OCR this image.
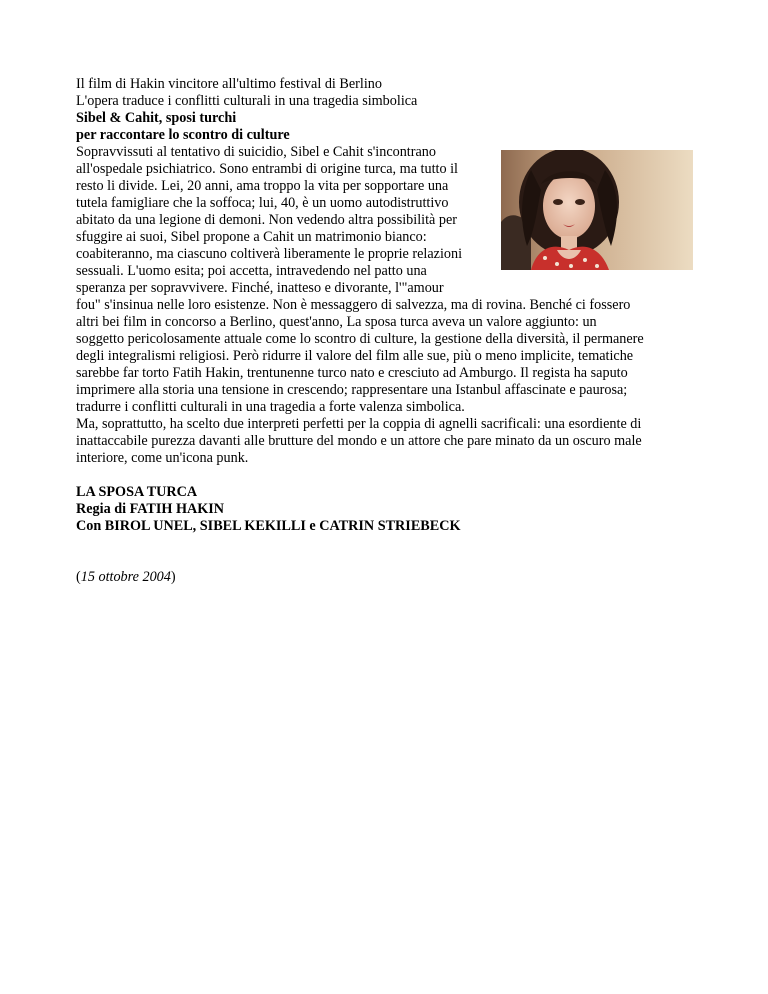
Il film di Hakin vincitore all'ultimo festival di Berlino
L'opera traduce i conflitti culturali in una tragedia simbolica
Sibel & Cahit, sposi turchi
per raccontare lo scontro di culture
Sopravvissuti al tentativo di suicidio, Sibel e Cahit s'incontrano
all'ospedale psichiatrico. Sono entrambi di origine turca, ma tutto il
resto li divide. Lei, 20 anni, ama troppo la vita per sopportare una
tutela famigliare che la soffoca; lui, 40, è un uomo autodistruttivo
abitato da una legione di demoni. Non vedendo altra possibilità per
sfuggire ai suoi, Sibel propone a Cahit un matrimonio bianco:
coabiteranno, ma ciascuno coltiverà liberamente le proprie relazioni
sessuali. L'uomo esita; poi accetta, intravedendo nel patto una
speranza per sopravvivere. Finché, inatteso e divorante, l'"amour
fou" s'insinua nelle loro esistenze. Non è messaggero di salvezza, ma di rovina. Benché ci fossero
altri bei film in concorso a Berlino, quest'anno, La sposa turca aveva un valore aggiunto: un
soggetto pericolosamente attuale come lo scontro di culture, la gestione della diversità, il permanere
degli integralismi religiosi. Però ridurre il valore del film alle sue, più o meno implicite, tematiche
sarebbe far torto Fatih Hakin, trentunenne turco nato e cresciuto ad Amburgo. Il regista ha saputo
imprimere alla storia una tensione in crescendo; rappresentare una Istanbul affascinate e paurosa;
tradurre i conflitti culturali in una tragedia a forte valenza simbolica.
Ma, soprattutto, ha scelto due interpreti perfetti per la coppia di agnelli sacrificali: una esordiente di
inattaccabile purezza davanti alle brutture del mondo e un attore che pare minato da un oscuro male
interiore, come un'icona punk.
LA SPOSA TURCA
Regia di FATIH HAKIN
Con BIROL UNEL, SIBEL KEKILLI e CATRIN STRIEBECK
(15 ottobre 2004)
